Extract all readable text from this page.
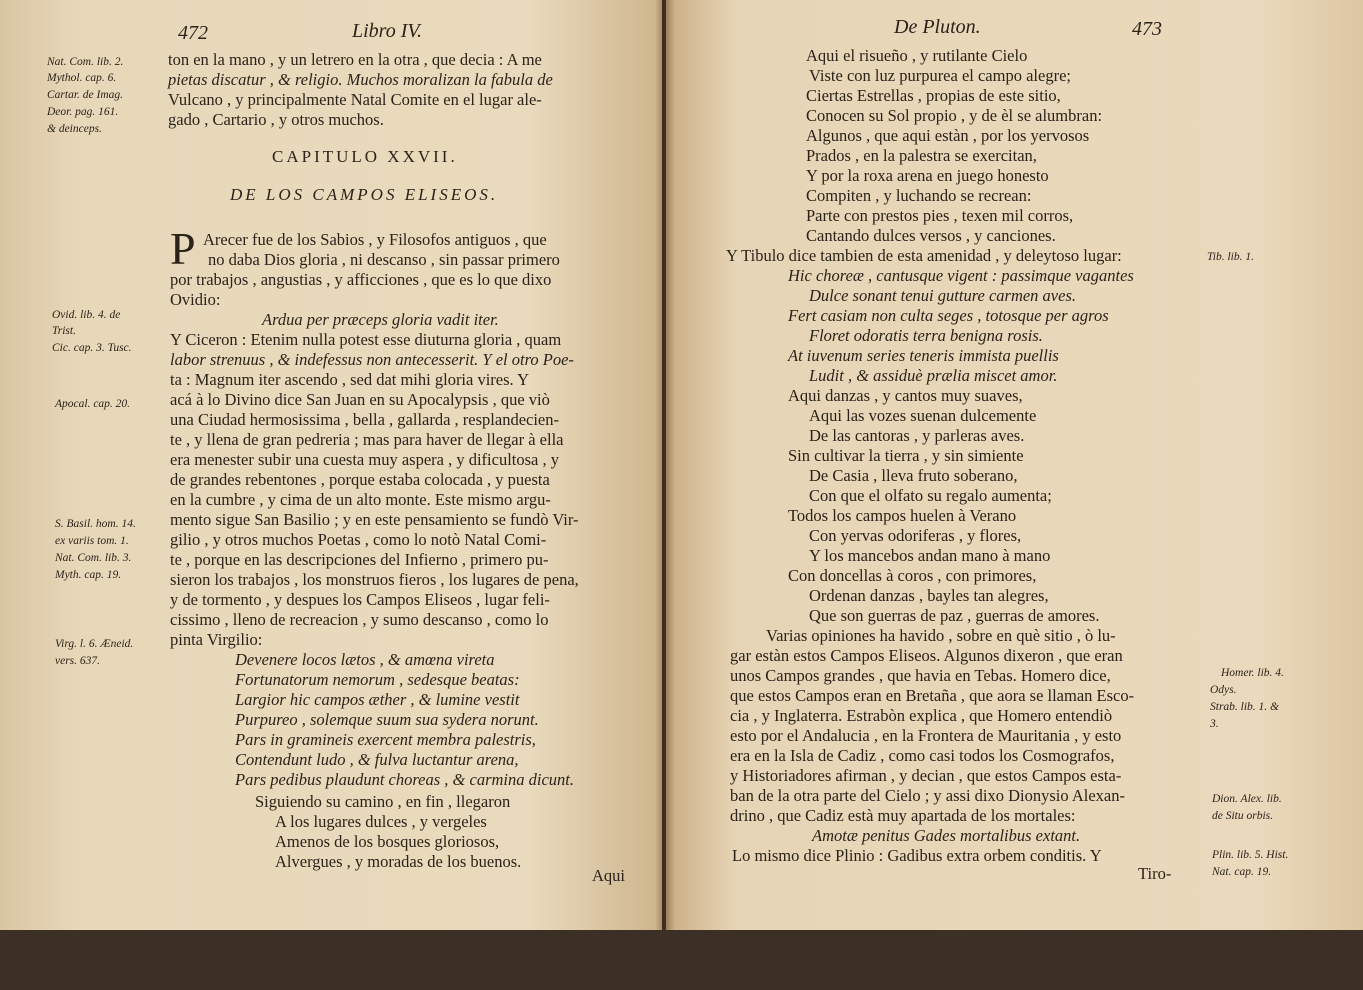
472	Libro IV.
Nat. Com. lib. 2.
Mythol. cap. 6.
Cartar. de Imag.
Deor. pag. 161.
& deinceps.
Ovid. lib. 4. de
Trist.
Cic. cap. 3. Tusc.
Apocal. cap. 20.
S. Basil. hom. 14.
ex variis tom. 1.
Nat. Com. lib. 3.
Myth. cap. 19.
Virg. l. 6. Æneid.
vers. 637.
ton en la mano , y un letrero en la otra , que decia : A me
pietas discatur , & religio. Muchos moralizan la fabula de
Vulcano , y principalmente Natal Comite en el lugar ale-
gado , Cartario , y otros muchos.
CAPITULO XXVII.
DE LOS CAMPOS ELISEOS.
P Arecer fue de los Sabios , y Filosofos antiguos , que
no daba Dios gloria , ni descanso , sin passar primero
por trabajos , angustias , y afficciones , que es lo que dixo
Ovidio:
Ardua per præceps gloria vadit iter.
Y Ciceron : Etenim nulla potest esse diuturna gloria , quam
labor strenuus , & indefessus non antecesserit. Y el otro Poe-
ta : Magnum iter ascendo , sed dat mihi gloria vires. Y
acá à lo Divino dice San Juan en su Apocalypsis , que viò
una Ciudad hermosissima , bella , gallarda , resplandecien-
te , y llena de gran pedreria ; mas para haver de llegar à ella
era menester subir una cuesta muy aspera , y dificultosa , y
de grandes rebentones , porque estaba colocada , y puesta
en la cumbre , y cima de un alto monte. Este mismo argu-
mento sigue San Basilio ; y en este pensamiento se fundò Vir-
gilio , y otros muchos Poetas , como lo notò Natal Comi-
te , porque en las descripciones del Infierno , primero pu-
sieron los trabajos , los monstruos fieros , los lugares de pena,
y de tormento , y despues los Campos Eliseos , lugar feli-
cissimo , lleno de recreacion , y sumo descanso , como lo
pinta Virgilio:
Devenere locos lætos , & amœna vireta
Fortunatorum nemorum , sedesque beatas:
Largior hic campos æther , & lumine vestit
Purpureo , solemque suum sua sydera norunt.
Pars in gramineis exercent membra palestris,
Contendunt ludo , & fulva luctantur arena,
Pars pedibus plaudunt choreas , & carmina dicunt.
Siguiendo su camino , en fin , llegaron
A los lugares dulces , y vergeles
Amenos de los bosques gloriosos,
Alvergues , y moradas de los buenos.
Aqui
De Pluton.	473
Tib. lib. 1.
Homer. lib. 4.
Odys.
Strab. lib. 1. &
3.
Dion. Alex. lib.
de Situ orbis.
Plin. lib. 5. Hist.
Nat. cap. 19.
Aqui el risueño , y rutilante Cielo
Viste con luz purpurea el campo alegre;
Ciertas Estrellas , propias de este sitio,
Conocen su Sol propio , y de èl se alumbran:
Algunos , que aqui estàn , por los yervosos
Prados , en la palestra se exercitan,
Y por la roxa arena en juego honesto
Compiten , y luchando se recrean:
Parte con prestos pies , texen mil corros,
Cantando dulces versos , y canciones.
Y Tibulo dice tambien de esta amenidad , y deleytoso lugar:
Hic choreæ , cantusque vigent : passimque vagantes
Dulce sonant tenui gutture carmen aves.
Fert casiam non culta seges , totosque per agros
Floret odoratis terra benigna rosis.
At iuvenum series teneris immista puellis
Ludit , & assiduè prælia miscet amor.
Aqui danzas , y cantos muy suaves,
Aqui las vozes suenan dulcemente
De las cantoras , y parleras aves.
Sin cultivar la tierra , y sin simiente
De Casia , lleva fruto soberano,
Con que el olfato su regalo aumenta;
Todos los campos huelen à Verano
Con yervas odoriferas , y flores,
Y los mancebos andan mano à mano
Con doncellas à coros , con primores,
Ordenan danzas , bayles tan alegres,
Que son guerras de paz , guerras de amores.
Varias opiniones ha havido , sobre en què sitio , ò lu-
gar estàn estos Campos Eliseos. Algunos dixeron , que eran
unos Campos grandes , que havia en Tebas. Homero dice,
que estos Campos eran en Bretaña , que aora se llaman Esco-
cia , y Inglaterra. Estrabòn explica , que Homero entendiò
esto por el Andalucia , en la Frontera de Mauritania , y esto
era en la Isla de Cadiz , como casi todos los Cosmografos,
y Historiadores afirman , y decian , que estos Campos esta-
ban de la otra parte del Cielo ; y assi dixo Dionysio Alexan-
drino , que Cadiz està muy apartada de los mortales:
Amotæ penitus Gades mortalibus extant.
Lo mismo dice Plinio : Gadibus extra orbem conditis. Y
Tiro-
